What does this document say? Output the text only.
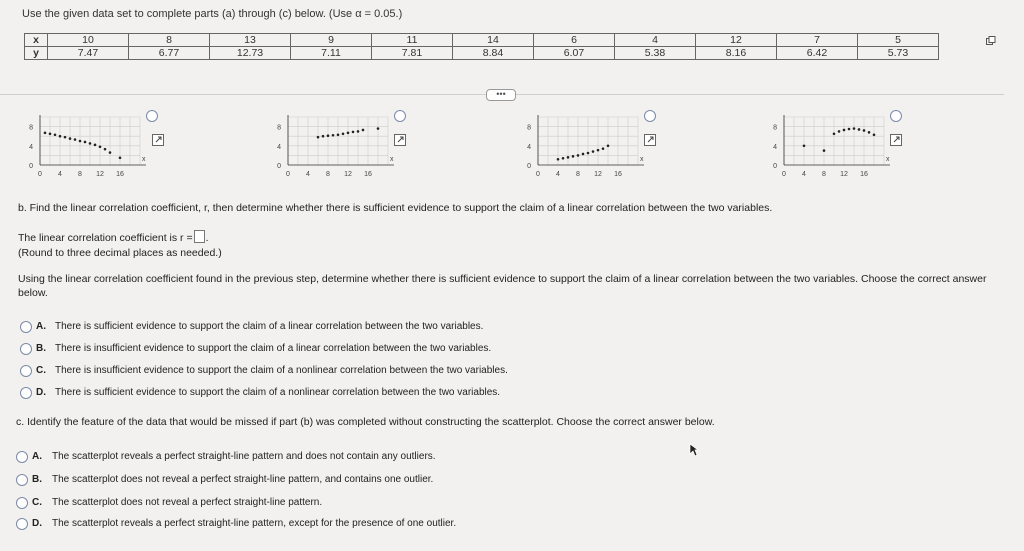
Use the given data set to complete parts (a) through (c) below. (Use α = 0.05.)
x	10	8	13	9	11	14	6	4	12	7	5
y	7.47	6.77	12.73	7.11	7.81	8.84	6.07	5.38	8.16	6.42	5.73
•••
8
4
0
0 4 8 12 16
x
8
4
0
0 4 8 12 16
x
8
4
0
0 4 8 12 16
x
8
4
0
0 4 8 12 16
x
b. Find the linear correlation coefficient, r, then determine whether there is sufficient evidence to support the claim of a linear correlation between the two variables.
The linear correlation coefficient is r = .
(Round to three decimal places as needed.)
Using the linear correlation coefficient found in the previous step, determine whether there is sufficient evidence to support the claim of a linear correlation between the two variables. Choose the correct answer below.
A. There is sufficient evidence to support the claim of a linear correlation between the two variables.
B. There is insufficient evidence to support the claim of a linear correlation between the two variables.
C. There is insufficient evidence to support the claim of a nonlinear correlation between the two variables.
D. There is sufficient evidence to support the claim of a nonlinear correlation between the two variables.
c. Identify the feature of the data that would be missed if part (b) was completed without constructing the scatterplot. Choose the correct answer below.
A. The scatterplot reveals a perfect straight-line pattern and does not contain any outliers.
B. The scatterplot does not reveal a perfect straight-line pattern, and contains one outlier.
C. The scatterplot does not reveal a perfect straight-line pattern.
D. The scatterplot reveals a perfect straight-line pattern, except for the presence of one outlier.
